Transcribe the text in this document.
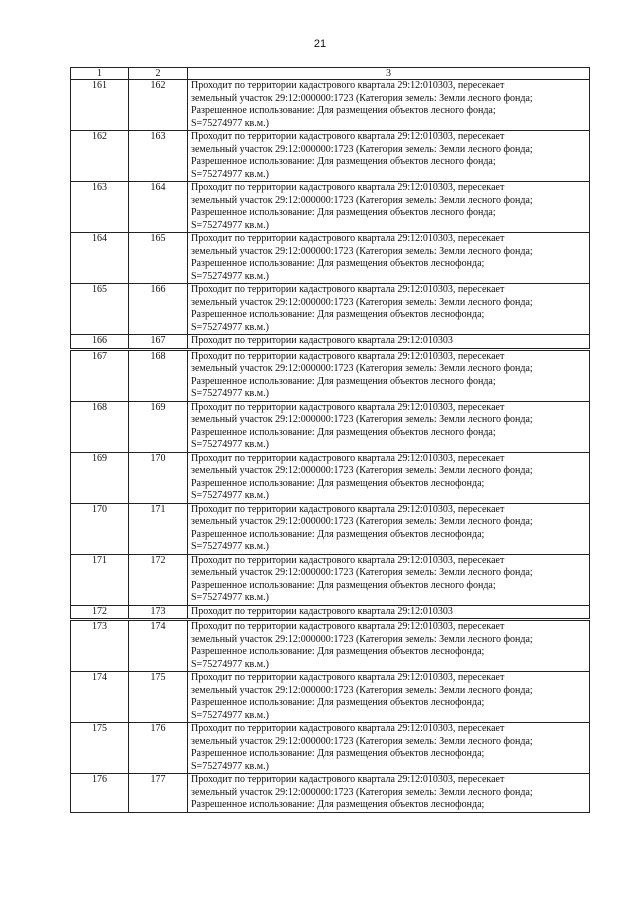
21
1	2	3
161	162	Проходит по территории кадастрового квартала 29:12:010303, пересекает
земельный участок 29:12:000000:1723 (Категория земель: Земли лесного фонда;
Разрешенное использование: Для размещения объектов лесного фонда;
S=75274977 кв.м.)

162	163	Проходит по территории кадастрового квартала 29:12:010303, пересекает
земельный участок 29:12:000000:1723 (Категория земель: Земли лесного фонда;
Разрешенное использование: Для размещения объектов лесного фонда;
S=75274977 кв.м.)

163	164	Проходит по территории кадастрового квартала 29:12:010303, пересекает
земельный участок 29:12:000000:1723 (Категория земель: Земли лесного фонда;
Разрешенное использование: Для размещения объектов лесного фонда;
S=75274977 кв.м.)

164	165	Проходит по территории кадастрового квартала 29:12:010303, пересекает
земельный участок 29:12:000000:1723 (Категория земель: Земли лесного фонда;
Разрешенное использование: Для размещения объектов леснофонда;
S=75274977 кв.м.)

165	166	Проходит по территории кадастрового квартала 29:12:010303, пересекает
земельный участок 29:12:000000:1723 (Категория земель: Земли лесного фонда;
Разрешенное использование: Для размещения объектов леснофонда;
S=75274977 кв.м.)

166	167	Проходит по территории кадастрового квартала 29:12:010303

167	168	Проходит по территории кадастрового квартала 29:12:010303, пересекает
земельный участок 29:12:000000:1723 (Категория земель: Земли лесного фонда;
Разрешенное использование: Для размещения объектов лесного фонда;
S=75274977 кв.м.)

168	169	Проходит по территории кадастрового квартала 29:12:010303, пересекает
земельный участок 29:12:000000:1723 (Категория земель: Земли лесного фонда;
Разрешенное использование: Для размещения объектов лесного фонда;
S=75274977 кв.м.)

169	170	Проходит по территории кадастрового квартала 29:12:010303, пересекает
земельный участок 29:12:000000:1723 (Категория земель: Земли лесного фонда;
Разрешенное использование: Для размещения объектов леснофонда;
S=75274977 кв.м.)

170	171	Проходит по территории кадастрового квартала 29:12:010303, пересекает
земельный участок 29:12:000000:1723 (Категория земель: Земли лесного фонда;
Разрешенное использование: Для размещения объектов леснофонда;
S=75274977 кв.м.)

171	172	Проходит по территории кадастрового квартала 29:12:010303, пересекает
земельный участок 29:12:000000:1723 (Категория земель: Земли лесного фонда;
Разрешенное использование: Для размещения объектов лесного фонда;
S=75274977 кв.м.)

172	173	Проходит по территории кадастрового квартала 29:12:010303

173	174	Проходит по территории кадастрового квартала 29:12:010303, пересекает
земельный участок 29:12:000000:1723 (Категория земель: Земли лесного фонда;
Разрешенное использование: Для размещения объектов леснофонда;
S=75274977 кв.м.)

174	175	Проходит по территории кадастрового квартала 29:12:010303, пересекает
земельный участок 29:12:000000:1723 (Категория земель: Земли лесного фонда;
Разрешенное использование: Для размещения объектов леснофонда;
S=75274977 кв.м.)

175	176	Проходит по территории кадастрового квартала 29:12:010303, пересекает
земельный участок 29:12:000000:1723 (Категория земель: Земли лесного фонда;
Разрешенное использование: Для размещения объектов леснофонда;
S=75274977 кв.м.)

176	177	Проходит по территории кадастрового квартала 29:12:010303, пересекает
земельный участок 29:12:000000:1723 (Категория земель: Земли лесного фонда;
Разрешенное использование: Для размещения объектов леснофонда;
